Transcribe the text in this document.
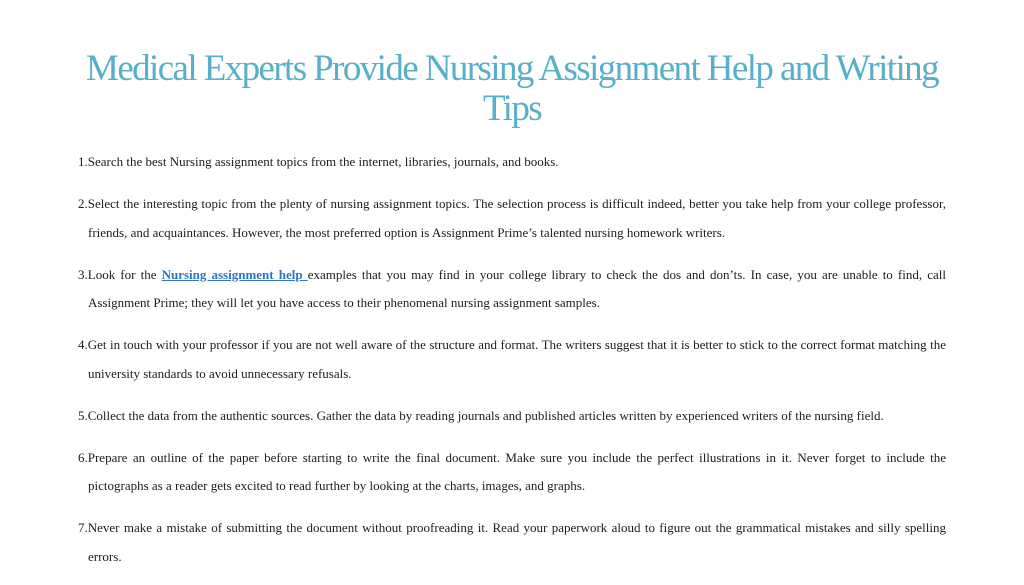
Medical Experts Provide Nursing Assignment Help and Writing Tips
1.Search the best Nursing assignment topics from the internet, libraries, journals, and books.
2.Select the interesting topic from the plenty of nursing assignment topics. The selection process is difficult indeed, better you take help from your college professor, friends, and acquaintances. However, the most preferred option is Assignment Prime’s talented nursing homework writers.
3.Look for the Nursing assignment help examples that you may find in your college library to check the dos and don’ts. In case, you are unable to find, call Assignment Prime; they will let you have access to their phenomenal nursing assignment samples.
4.Get in touch with your professor if you are not well aware of the structure and format. The writers suggest that it is better to stick to the correct format matching the university standards to avoid unnecessary refusals.
5.Collect the data from the authentic sources. Gather the data by reading journals and published articles written by experienced writers of the nursing field.
6.Prepare an outline of the paper before starting to write the final document. Make sure you include the perfect illustrations in it. Never forget to include the pictographs as a reader gets excited to read further by looking at the charts, images, and graphs.
7.Never make a mistake of submitting the document without proofreading it. Read your paperwork aloud to figure out the grammatical mistakes and silly spelling errors.
